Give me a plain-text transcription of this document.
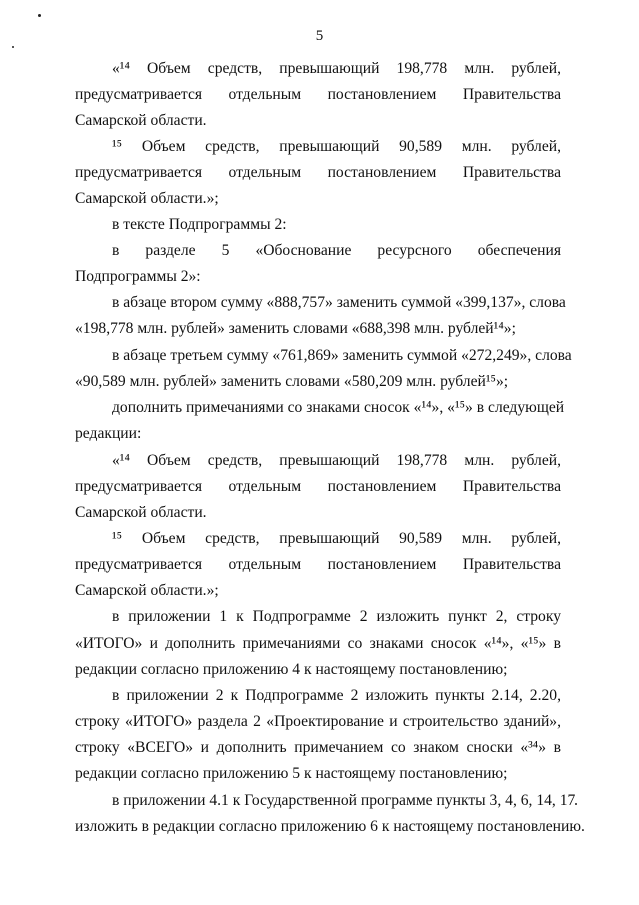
5
«¹⁴ Объем средств, превышающий 198,778 млн. рублей,
предусматривается отдельным постановлением Правительства
Самарской области.
¹⁵ Объем средств, превышающий 90,589 млн. рублей,
предусматривается отдельным постановлением Правительства
Самарской области.»;
в тексте Подпрограммы 2:
в разделе 5 «Обоснование ресурсного обеспечения
Подпрограммы 2»:
в абзаце втором сумму «888,757» заменить суммой «399,137», слова
«198,778 млн. рублей» заменить словами «688,398 млн. рублей¹⁴»;
в абзаце третьем сумму «761,869» заменить суммой «272,249», слова
«90,589 млн. рублей» заменить словами «580,209 млн. рублей¹⁵»;
дополнить примечаниями со знаками сносок «¹⁴», «¹⁵» в следующей
редакции:
«¹⁴ Объем средств, превышающий 198,778 млн. рублей,
предусматривается отдельным постановлением Правительства
Самарской области.
¹⁵ Объем средств, превышающий 90,589 млн. рублей,
предусматривается отдельным постановлением Правительства
Самарской области.»;
в приложении 1 к Подпрограмме 2 изложить пункт 2, строку
«ИТОГО» и дополнить примечаниями со знаками сносок «¹⁴», «¹⁵» в
редакции согласно приложению 4 к настоящему постановлению;
в приложении 2 к Подпрограмме 2 изложить пункты 2.14, 2.20,
строку «ИТОГО» раздела 2 «Проектирование и строительство зданий»,
строку «ВСЕГО» и дополнить примечанием со знаком сноски «³⁴» в
редакции согласно приложению 5 к настоящему постановлению;
в приложении 4.1 к Государственной программе пункты 3, 4, 6, 14, 17
изложить в редакции согласно приложению 6 к настоящему постановлению.
